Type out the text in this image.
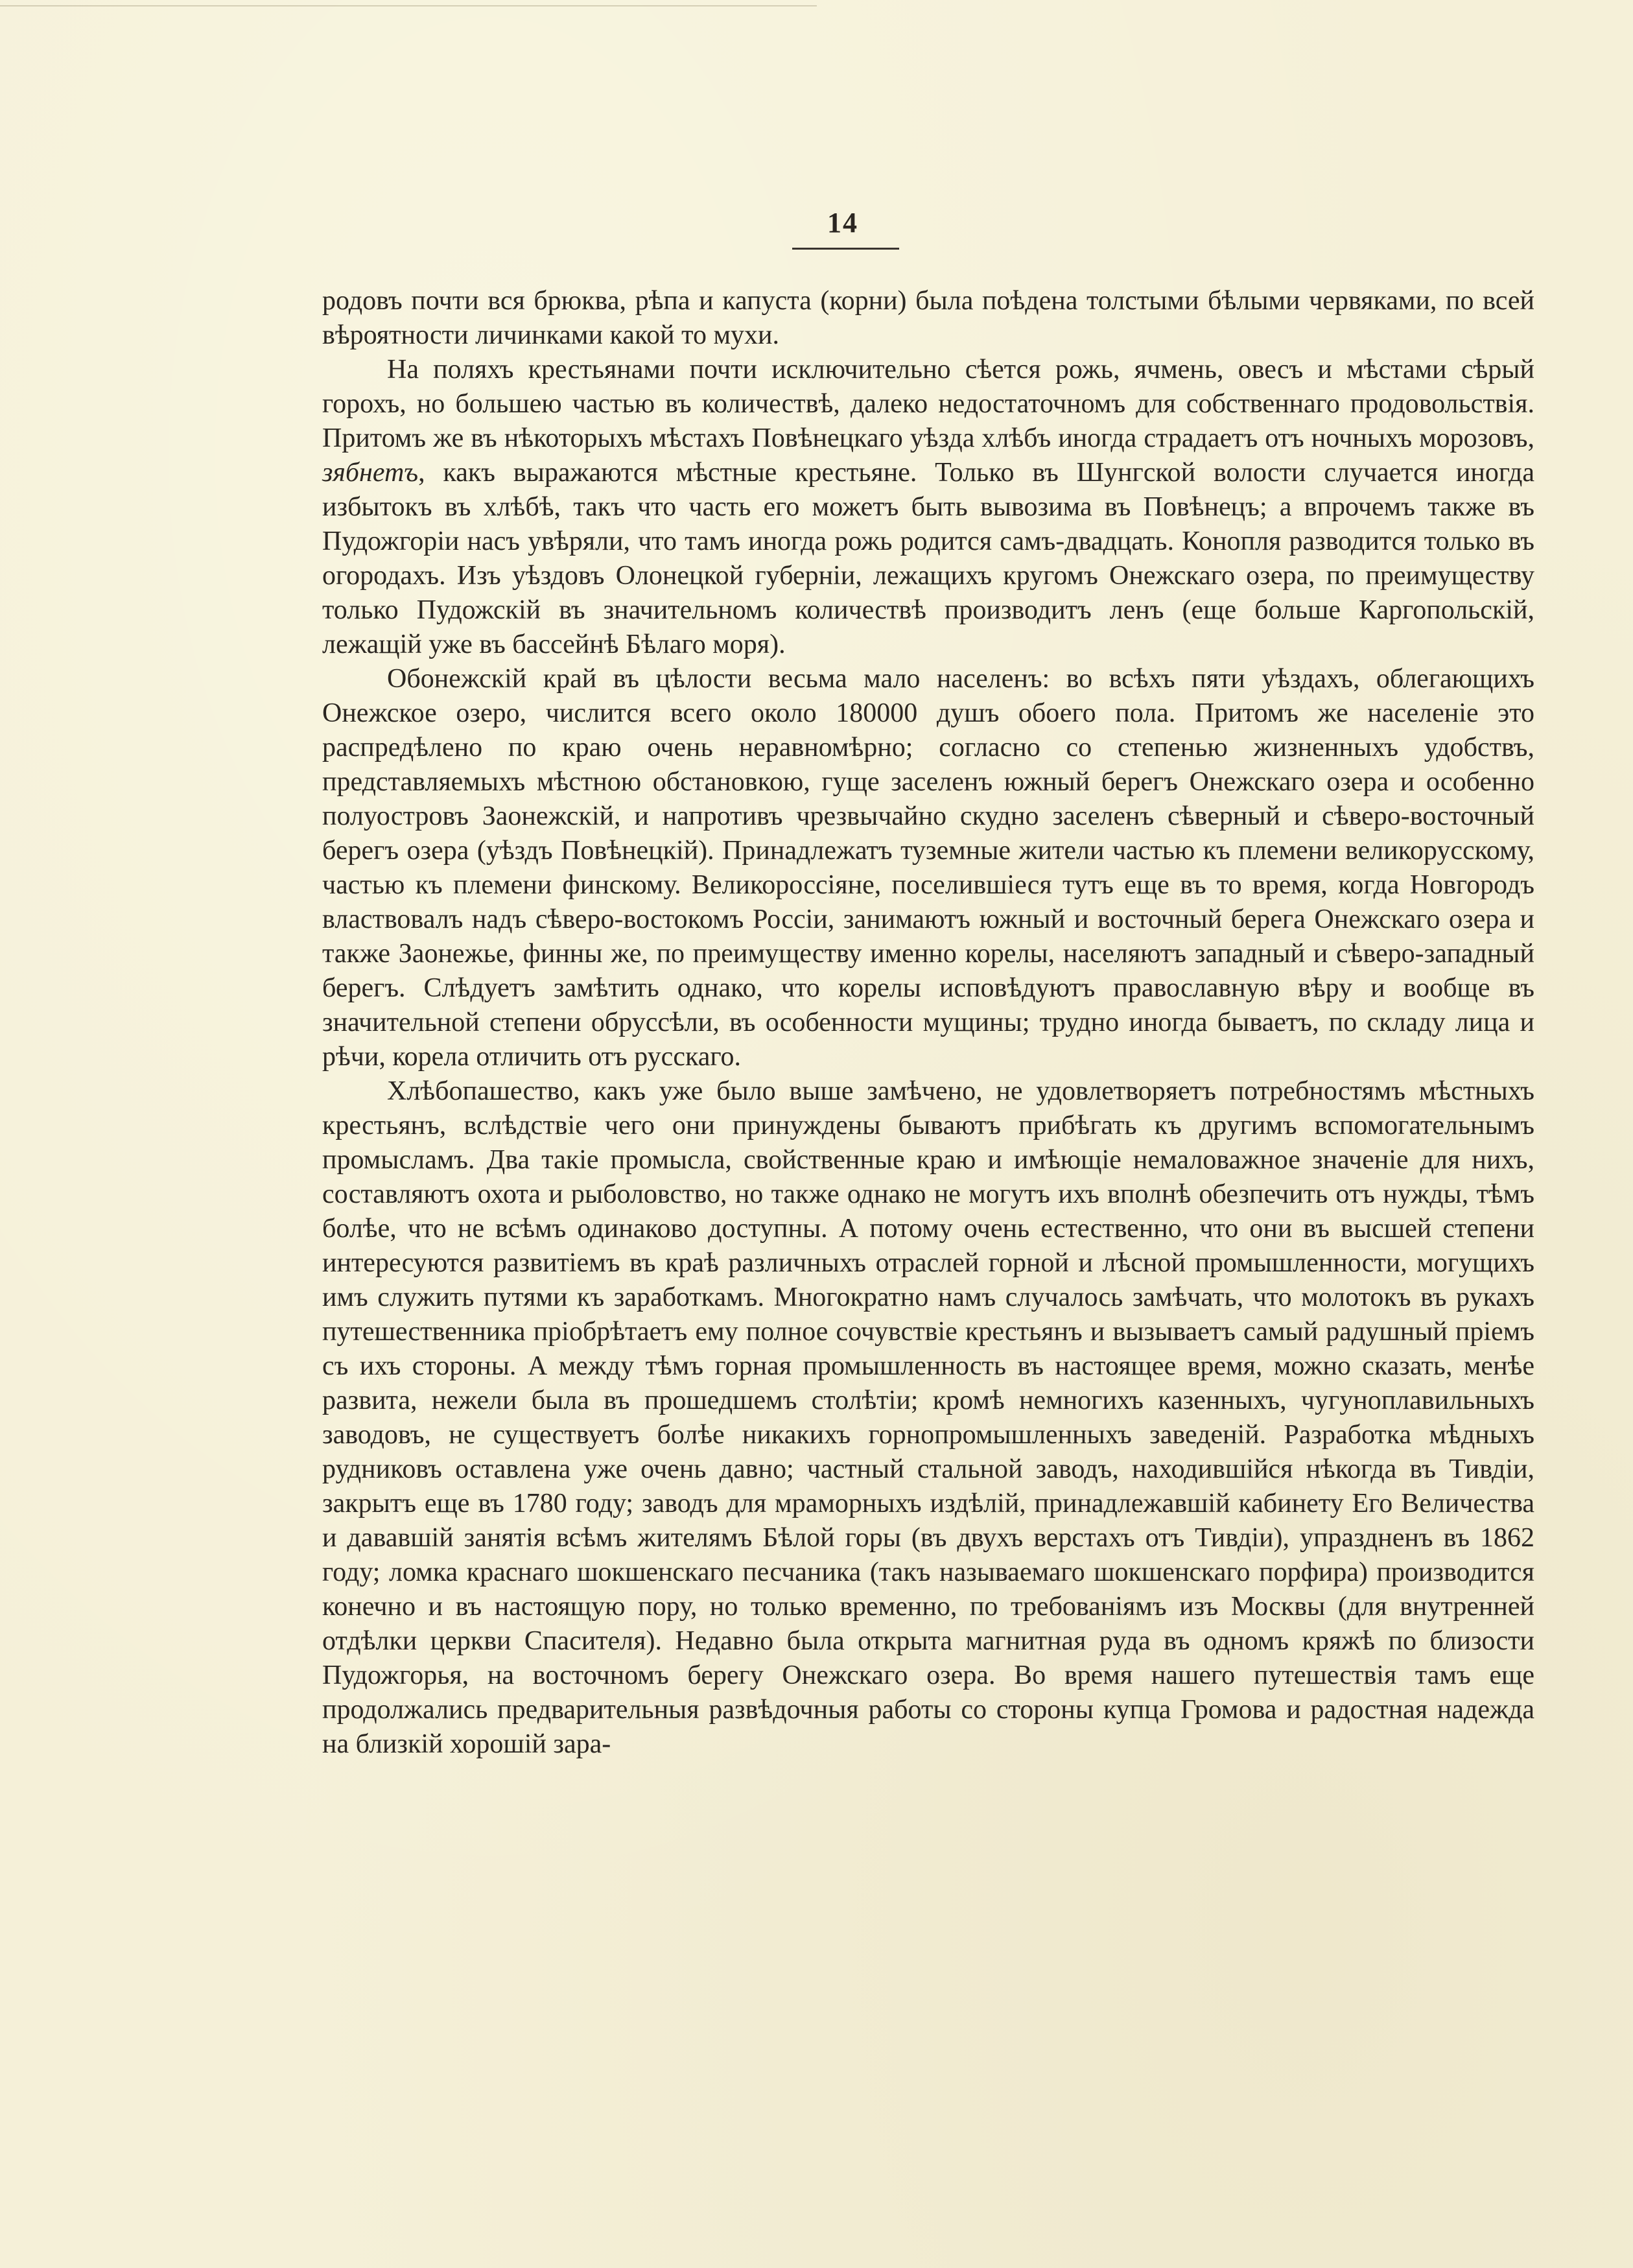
14

родовъ почти вся брюква, рѣпа и капуста (корни) была поѣдена толстыми бѣлыми червяками, по всей вѣроятности личинками какой то мухи.

На поляхъ крестьянами почти исключительно сѣется рожь, ячмень, овесъ и мѣстами сѣрый горохъ, но большею частью въ количествѣ, далеко недостаточномъ для собственнаго продовольствія. Притомъ же въ нѣкоторыхъ мѣстахъ Повѣнецкаго уѣзда хлѣбъ иногда страдаетъ отъ ночныхъ морозовъ, зябнетъ, какъ выражаются мѣстные крестьяне. Только въ Шунгской волости случается иногда избытокъ въ хлѣбѣ, такъ что часть его можетъ быть вывозима въ Повѣнецъ; а впрочемъ также въ Пудожгоріи насъ увѣряли, что тамъ иногда рожь родится самъ-двадцать. Конопля разводится только въ огородахъ. Изъ уѣздовъ Олонецкой губерніи, лежащихъ кругомъ Онежскаго озера, по преимуществу только Пудожскій въ значительномъ количествѣ производитъ ленъ (еще больше Каргопольскій, лежащій уже въ бассейнѣ Бѣлаго моря).

Обонежскій край въ цѣлости весьма мало населенъ: во всѣхъ пяти уѣздахъ, облегающихъ Онежское озеро, числится всего около 180000 душъ обоего пола. Притомъ же населеніе это распредѣлено по краю очень неравномѣрно; согласно со степенью жизненныхъ удобствъ, представляемыхъ мѣстною обстановкою, гуще заселенъ южный берегъ Онежскаго озера и особенно полуостровъ Заонежскій, и напротивъ чрезвычайно скудно заселенъ сѣверный и сѣверо-восточный берегъ озера (уѣздъ Повѣнецкій). Принадлежатъ туземные жители частью къ племени великорусскому, частью къ племени финскому. Великороссіяне, поселившіеся тутъ еще въ то время, когда Новгородъ властвовалъ надъ сѣверо-востокомъ Россіи, занимаютъ южный и восточный берега Онежскаго озера и также Заонежье, финны же, по преимуществу именно корелы, населяютъ западный и сѣверо-западный берегъ. Слѣдуетъ замѣтить однако, что корелы исповѣдуютъ православную вѣру и вообще въ значительной степени обруссѣли, въ особенности мущины; трудно иногда бываетъ, по складу лица и рѣчи, корела отличить отъ русскаго.

Хлѣбопашество, какъ уже было выше замѣчено, не удовлетворяетъ потребностямъ мѣстныхъ крестьянъ, вслѣдствіе чего они принуждены бываютъ прибѣгать къ другимъ вспомогательнымъ промысламъ. Два такіе промысла, свойственные краю и имѣющіе немаловажное значеніе для нихъ, составляютъ охота и рыболовство, но также однако не могутъ ихъ вполнѣ обезпечить отъ нужды, тѣмъ болѣе, что не всѣмъ одинаково доступны. А потому очень естественно, что они въ высшей степени интересуются развитіемъ въ краѣ различныхъ отраслей горной и лѣсной промышленности, могущихъ имъ служить путями къ заработкамъ. Многократно намъ случалось замѣчать, что молотокъ въ рукахъ путешественника пріобрѣтаетъ ему полное сочувствіе крестьянъ и вызываетъ самый радушный пріемъ съ ихъ стороны. А между тѣмъ горная промышленность въ настоящее время, можно сказать, менѣе развита, нежели была въ прошедшемъ столѣтіи; кромѣ немногихъ казенныхъ, чугуноплавильныхъ заводовъ, не существуетъ болѣе никакихъ горнопромышленныхъ заведеній. Разработка мѣдныхъ рудниковъ оставлена уже очень давно; частный стальной заводъ, находившійся нѣкогда въ Тивдіи, закрытъ еще въ 1780 году; заводъ для мраморныхъ издѣлій, принадлежавшій кабинету Его Величества и дававшій занятія всѣмъ жителямъ Бѣлой горы (въ двухъ верстахъ отъ Тивдіи), упраздненъ въ 1862 году; ломка краснаго шокшенскаго песчаника (такъ называемаго шокшенскаго порфира) производится конечно и въ настоящую пору, но только временно, по требованіямъ изъ Москвы (для внутренней отдѣлки церкви Спасителя). Недавно была открыта магнитная руда въ одномъ кряжѣ по близости Пудожгорья, на восточномъ берегу Онежскаго озера. Во время нашего путешествія тамъ еще продолжались предварительныя развѣдочныя работы со стороны купца Громова и радостная надежда на близкій хорошій зара-
